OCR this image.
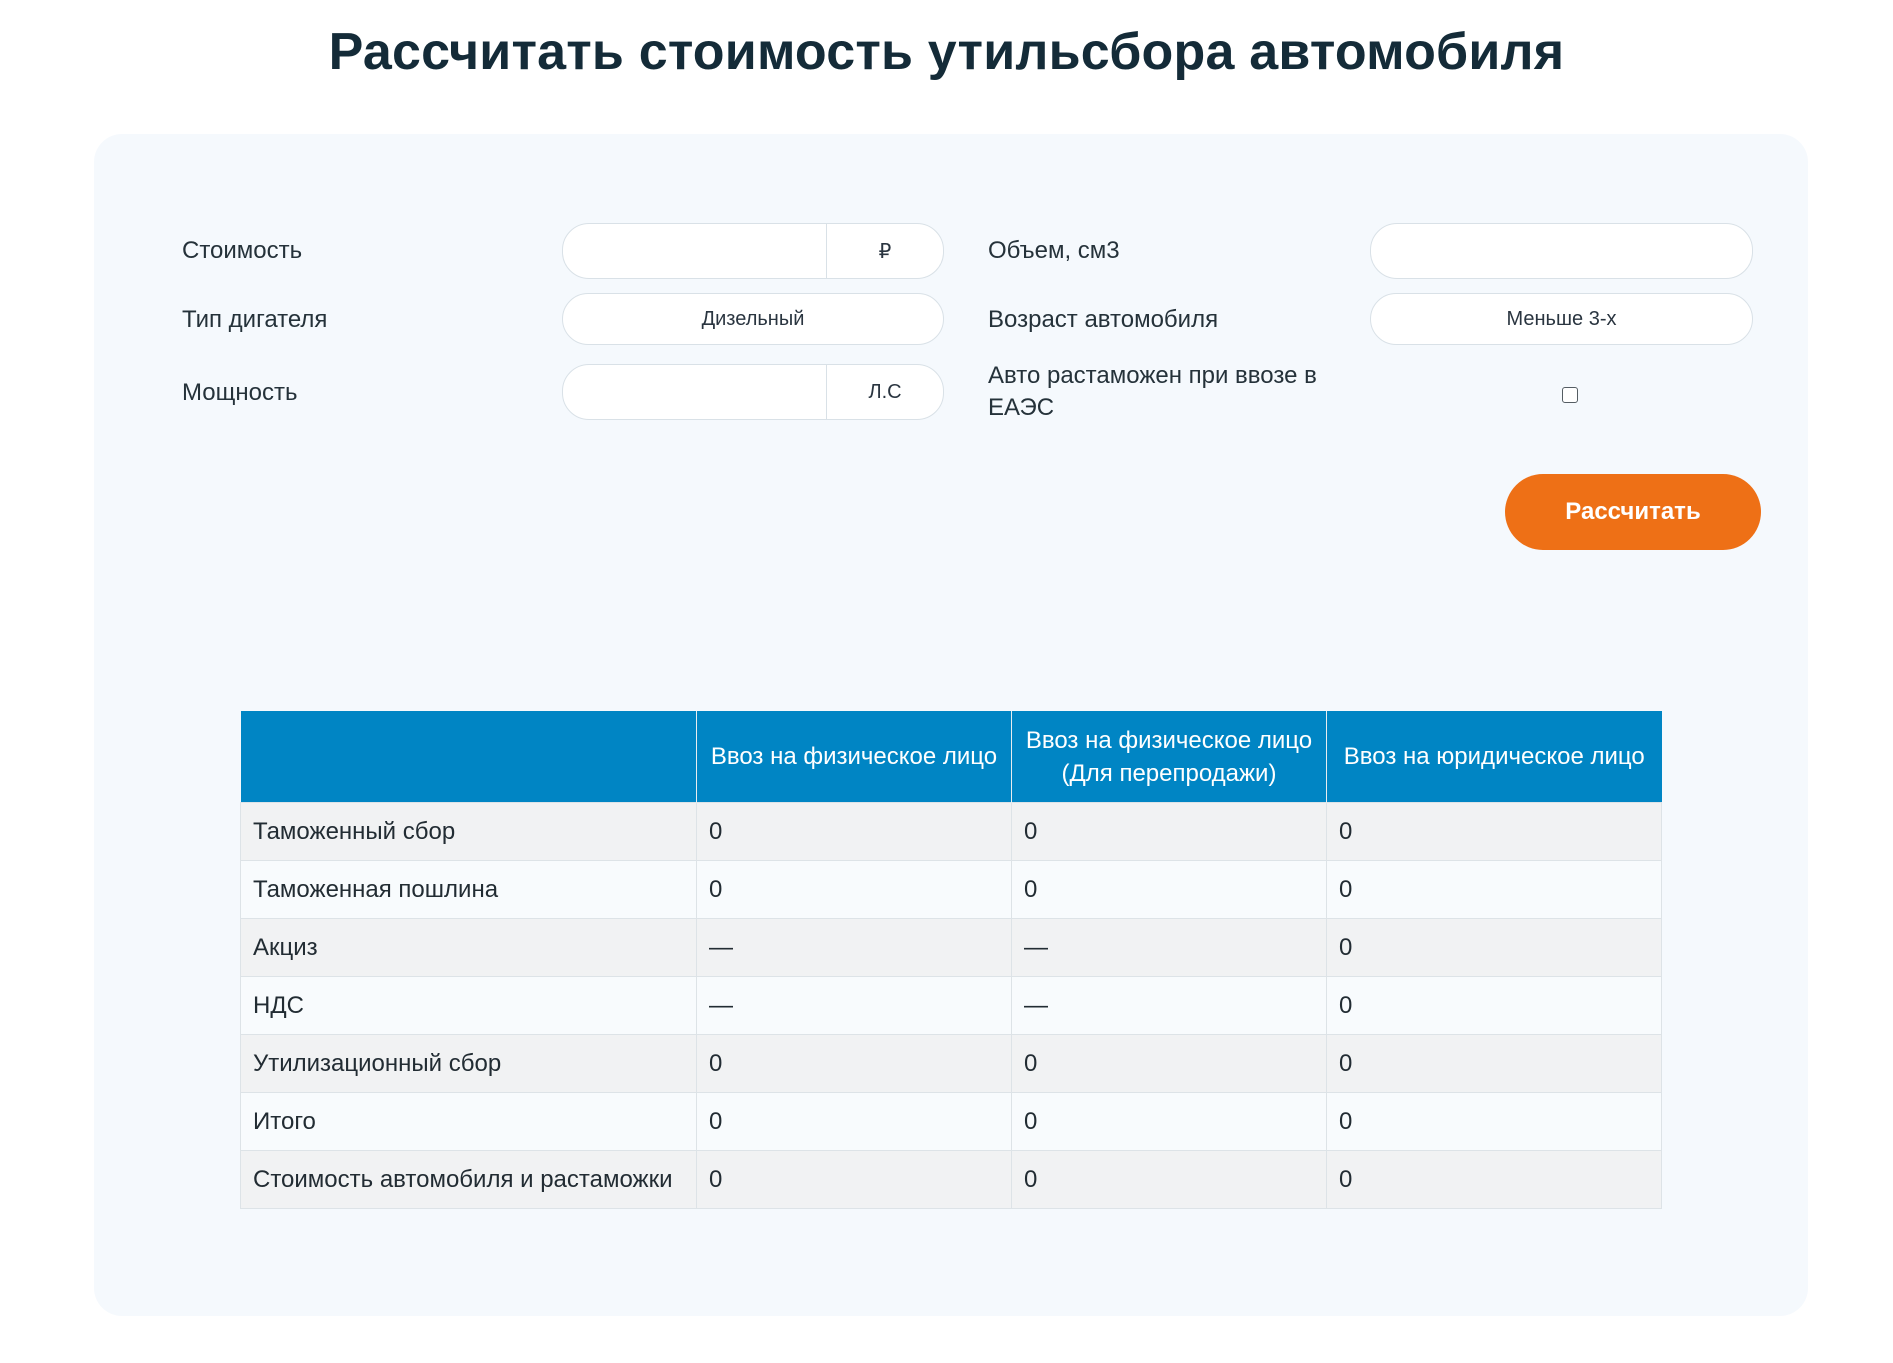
Рассчитать стоимость утильсбора автомобиля
Стоимость	₽
Тип дигателя	Дизельный
Мощность	Л.С
Объем, см3
Возраст автомобиля	Меньше 3-х
Авто растаможен при ввозе в ЕАЭС
Рассчитать
	Ввоз на физическое лицо	Ввоз на физическое лицо (Для перепродажи)	Ввоз на юридическое лицо
Таможенный сбор	0	0	0
Таможенная пошлина	0	0	0
Акциз	—	—	0
НДС	—	—	0
Утилизационный сбор	0	0	0
Итого	0	0	0
Стоимость автомобиля и растаможки	0	0	0
